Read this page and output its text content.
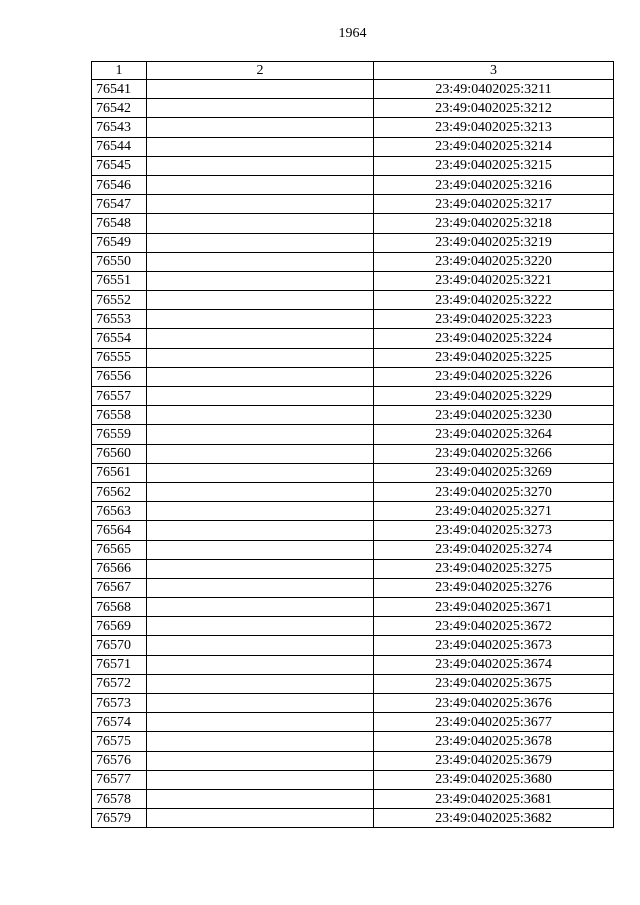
1964
1	2	3
76541		23:49:0402025:3211
76542		23:49:0402025:3212
76543		23:49:0402025:3213
76544		23:49:0402025:3214
76545		23:49:0402025:3215
76546		23:49:0402025:3216
76547		23:49:0402025:3217
76548		23:49:0402025:3218
76549		23:49:0402025:3219
76550		23:49:0402025:3220
76551		23:49:0402025:3221
76552		23:49:0402025:3222
76553		23:49:0402025:3223
76554		23:49:0402025:3224
76555		23:49:0402025:3225
76556		23:49:0402025:3226
76557		23:49:0402025:3229
76558		23:49:0402025:3230
76559		23:49:0402025:3264
76560		23:49:0402025:3266
76561		23:49:0402025:3269
76562		23:49:0402025:3270
76563		23:49:0402025:3271
76564		23:49:0402025:3273
76565		23:49:0402025:3274
76566		23:49:0402025:3275
76567		23:49:0402025:3276
76568		23:49:0402025:3671
76569		23:49:0402025:3672
76570		23:49:0402025:3673
76571		23:49:0402025:3674
76572		23:49:0402025:3675
76573		23:49:0402025:3676
76574		23:49:0402025:3677
76575		23:49:0402025:3678
76576		23:49:0402025:3679
76577		23:49:0402025:3680
76578		23:49:0402025:3681
76579		23:49:0402025:3682
